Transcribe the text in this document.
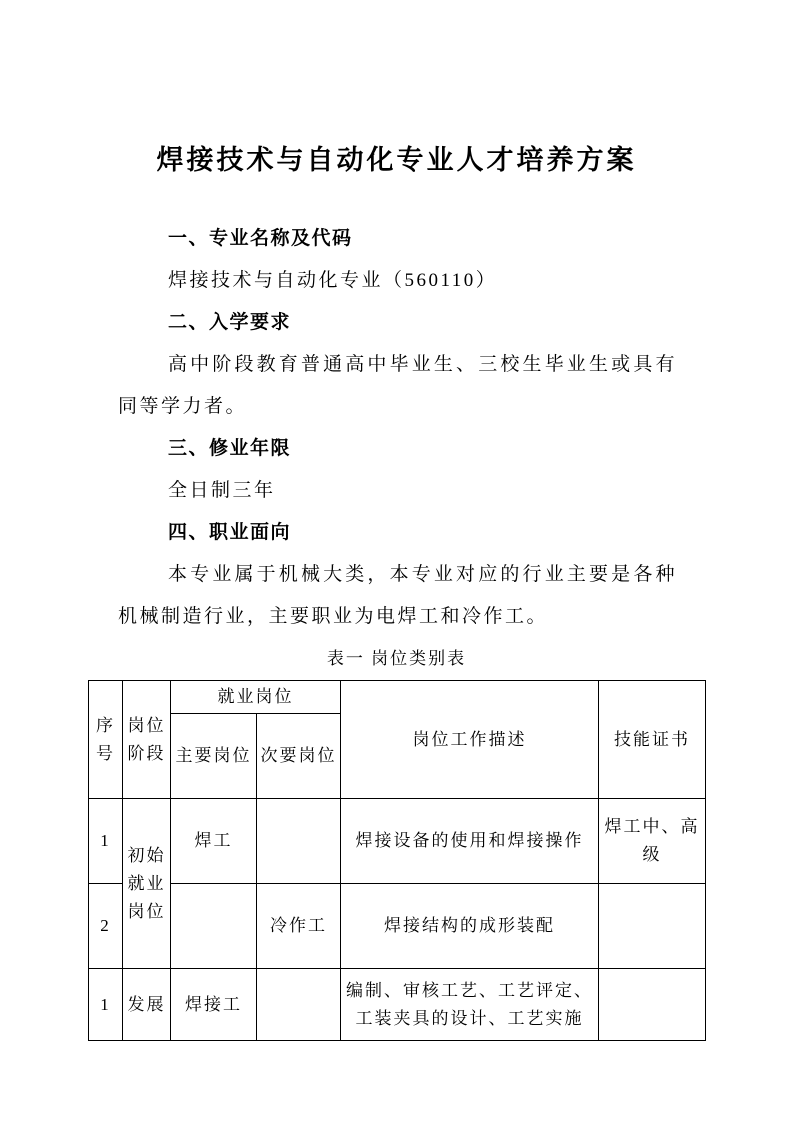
焊接技术与自动化专业人才培养方案
一、专业名称及代码
焊接技术与自动化专业（560110）
二、入学要求
高中阶段教育普通高中毕业生、三校生毕业生或具有同等学力者。
三、修业年限
全日制三年
四、职业面向
本专业属于机械大类，本专业对应的行业主要是各种机械制造行业，主要职业为电焊工和冷作工。
表一 岗位类别表
序号	岗位阶段	就业岗位		岗位工作描述	技能证书
		主要岗位	次要岗位		
1	初始就业岗位	焊工		焊接设备的使用和焊接操作	焊工中、高级
2			冷作工	焊接结构的成形装配	
1	发展	焊接工		编制、审核工艺、工艺评定、工装夹具的设计、工艺实施	
